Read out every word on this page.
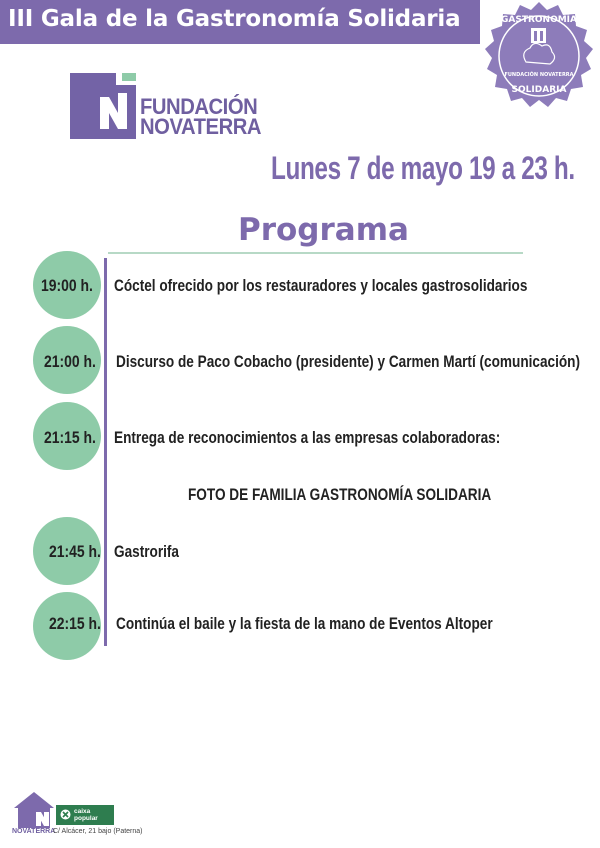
III Gala de la Gastronomía Solidaria	GASTRONOMÍA
FUNDACIÓN NOVATERRA
SOLIDARIA
FUNDACIÓN
NOVATERRA
Lunes 7 de mayo 19 a 23 h.
Programa
19:00 h. Cóctel ofrecido por los restauradores y locales gastrosolidarios
21:00 h. Discurso de Paco Cobacho (presidente) y Carmen Martí (comunicación)
21:15 h. Entrega de reconocimientos a las empresas colaboradoras:
FOTO DE FAMILIA GASTRONOMÍA SOLIDARIA
21:45 h. Gastrorifa
22:15 h. Continúa el baile y la fiesta de la mano de Eventos Altoper
NOVATERRA
C/ Alcácer, 21 bajo (Paterna)
caixa
popular
